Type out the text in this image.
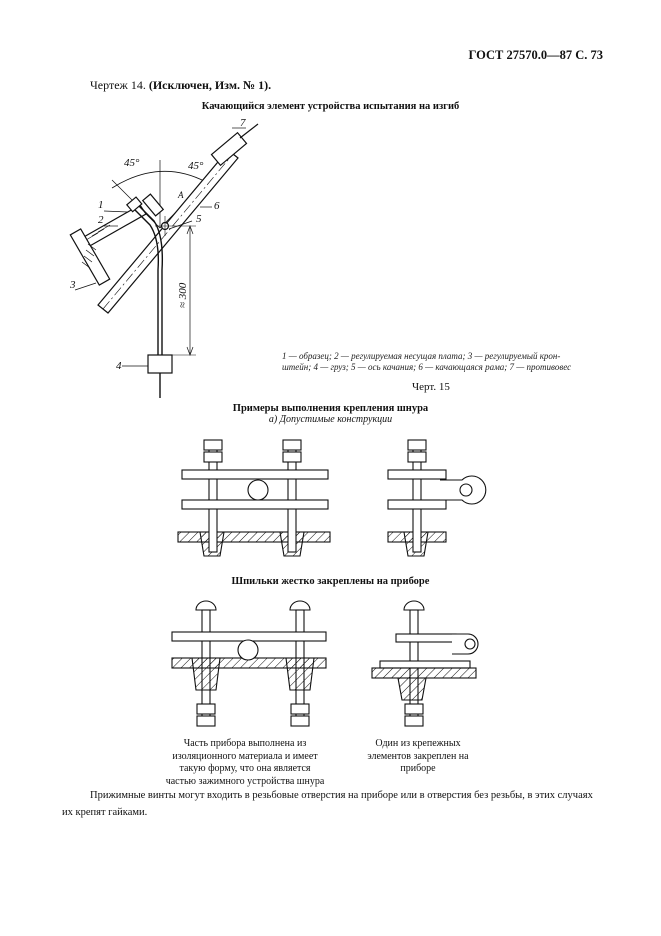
ГОСТ 27570.0—87 С. 73
Чертеж 14. (Исключен, Изм. № 1).
Качающийся элемент устройства испытания на изгиб
45°	45°
A
≈ 300
1
2
3
4
5
6
7
1 — образец; 2 — регулируемая несущая плата; 3 — регулируемый крон-
штейн; 4 — груз; 5 — ось качания; 6 — качающаяся рама; 7 — противовес
Черт. 15
Примеры выполнения крепления шнура
а) Допустимые конструкции
Шпильки жестко закреплены на приборе
Часть прибора выполнена из
изоляционного материала и имеет
такую форму, что она является
частью зажимного устройства шнура
Один из крепежных
элементов закреплен на
приборе
Прижимные винты могут входить в резьбовые отверстия на приборе или в отверстия без резьбы, в этих случаях их крепят гайками.
